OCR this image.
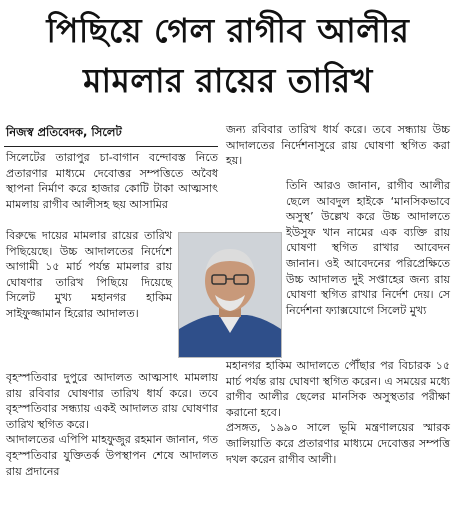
পিছিয়ে গেল রাগীব আলীর
মামলার রায়ের তারিখ
নিজস্ব প্রতিবেদক, সিলেট

সিলেটের তারাপুর চা-বাগান বন্দোবস্ত নিতে প্রতারণার মাধ্যমে দেবোত্তর সম্পত্তিতে অবৈধ স্থাপনা নির্মাণ করে হাজার কোটি টাকা আত্মসাৎ মামলায় রাগীব আলীসহ ছয় আসামির

বিরুদ্ধে দায়ের মামলার রায়ের তারিখ পিছিয়েছে। উচ্চ আদালতের নির্দেশে আগামী ১৫ মার্চ পর্যন্ত মামলার রায় ঘোষণার তারিখ পিছিয়ে দিয়েছে সিলেট মুখ্য মহানগর হাকিম সাইফুজ্জামান হিরোর আদালত।

বৃহস্পতিবার দুপুরে আদালত আত্মসাৎ মামলায় রায় রবিবার ঘোষণার তারিখ ধার্য করে। তবে বৃহস্পতিবার সন্ধ্যায় একই আদালত রায় ঘোষণার তারিখ স্থগিত করে।

আদালতের এপিপি মাহফুজুর রহমান জানান, গত বৃহস্পতিবার যুক্তিতর্ক উপস্থাপন শেষে আদালত রায় প্রদানের

জন্য রবিবার তারিখ ধার্য করে। তবে সন্ধ্যায় উচ্চ আদালতের নির্দেশনাসুরে রায় ঘোষণা স্থগিত করা হয়।

তিনি আরও জানান, রাগীব আলীর ছেলে আবদুল হাইকে ‘মানসিকভাবে অসুস্থ’ উল্লেখ করে উচ্চ আদালতে ইউসুফ খান নামের এক ব্যক্তি রায় ঘোষণা স্থগিত রাখার আবেদন জানান। ওই আবেদনের পরিপ্রেক্ষিতে উচ্চ আদালত দুই সপ্তাহের জন্য রায় ঘোষণা স্থগিত রাখার নির্দেশ দেয়। সে নির্দেশনা ফ্যাক্সযোগে সিলেট মুখ্য

মহানগর হাকিম আদালতে পৌঁছার পর বিচারক ১৫ মার্চ পর্যন্ত রায় ঘোষণা স্থগিত করেন। এ সময়ের মধ্যে রাগীব আলীর ছেলের মানসিক অসুস্থতার পরীক্ষা করানো হবে।

প্রসঙ্গত, ১৯৯০ সালে ভূমি মন্ত্রণালয়ের স্মারক জালিয়াতি করে প্রতারণার মাধ্যমে দেবোত্তর সম্পত্তি দখল করেন রাগীব আলী।
